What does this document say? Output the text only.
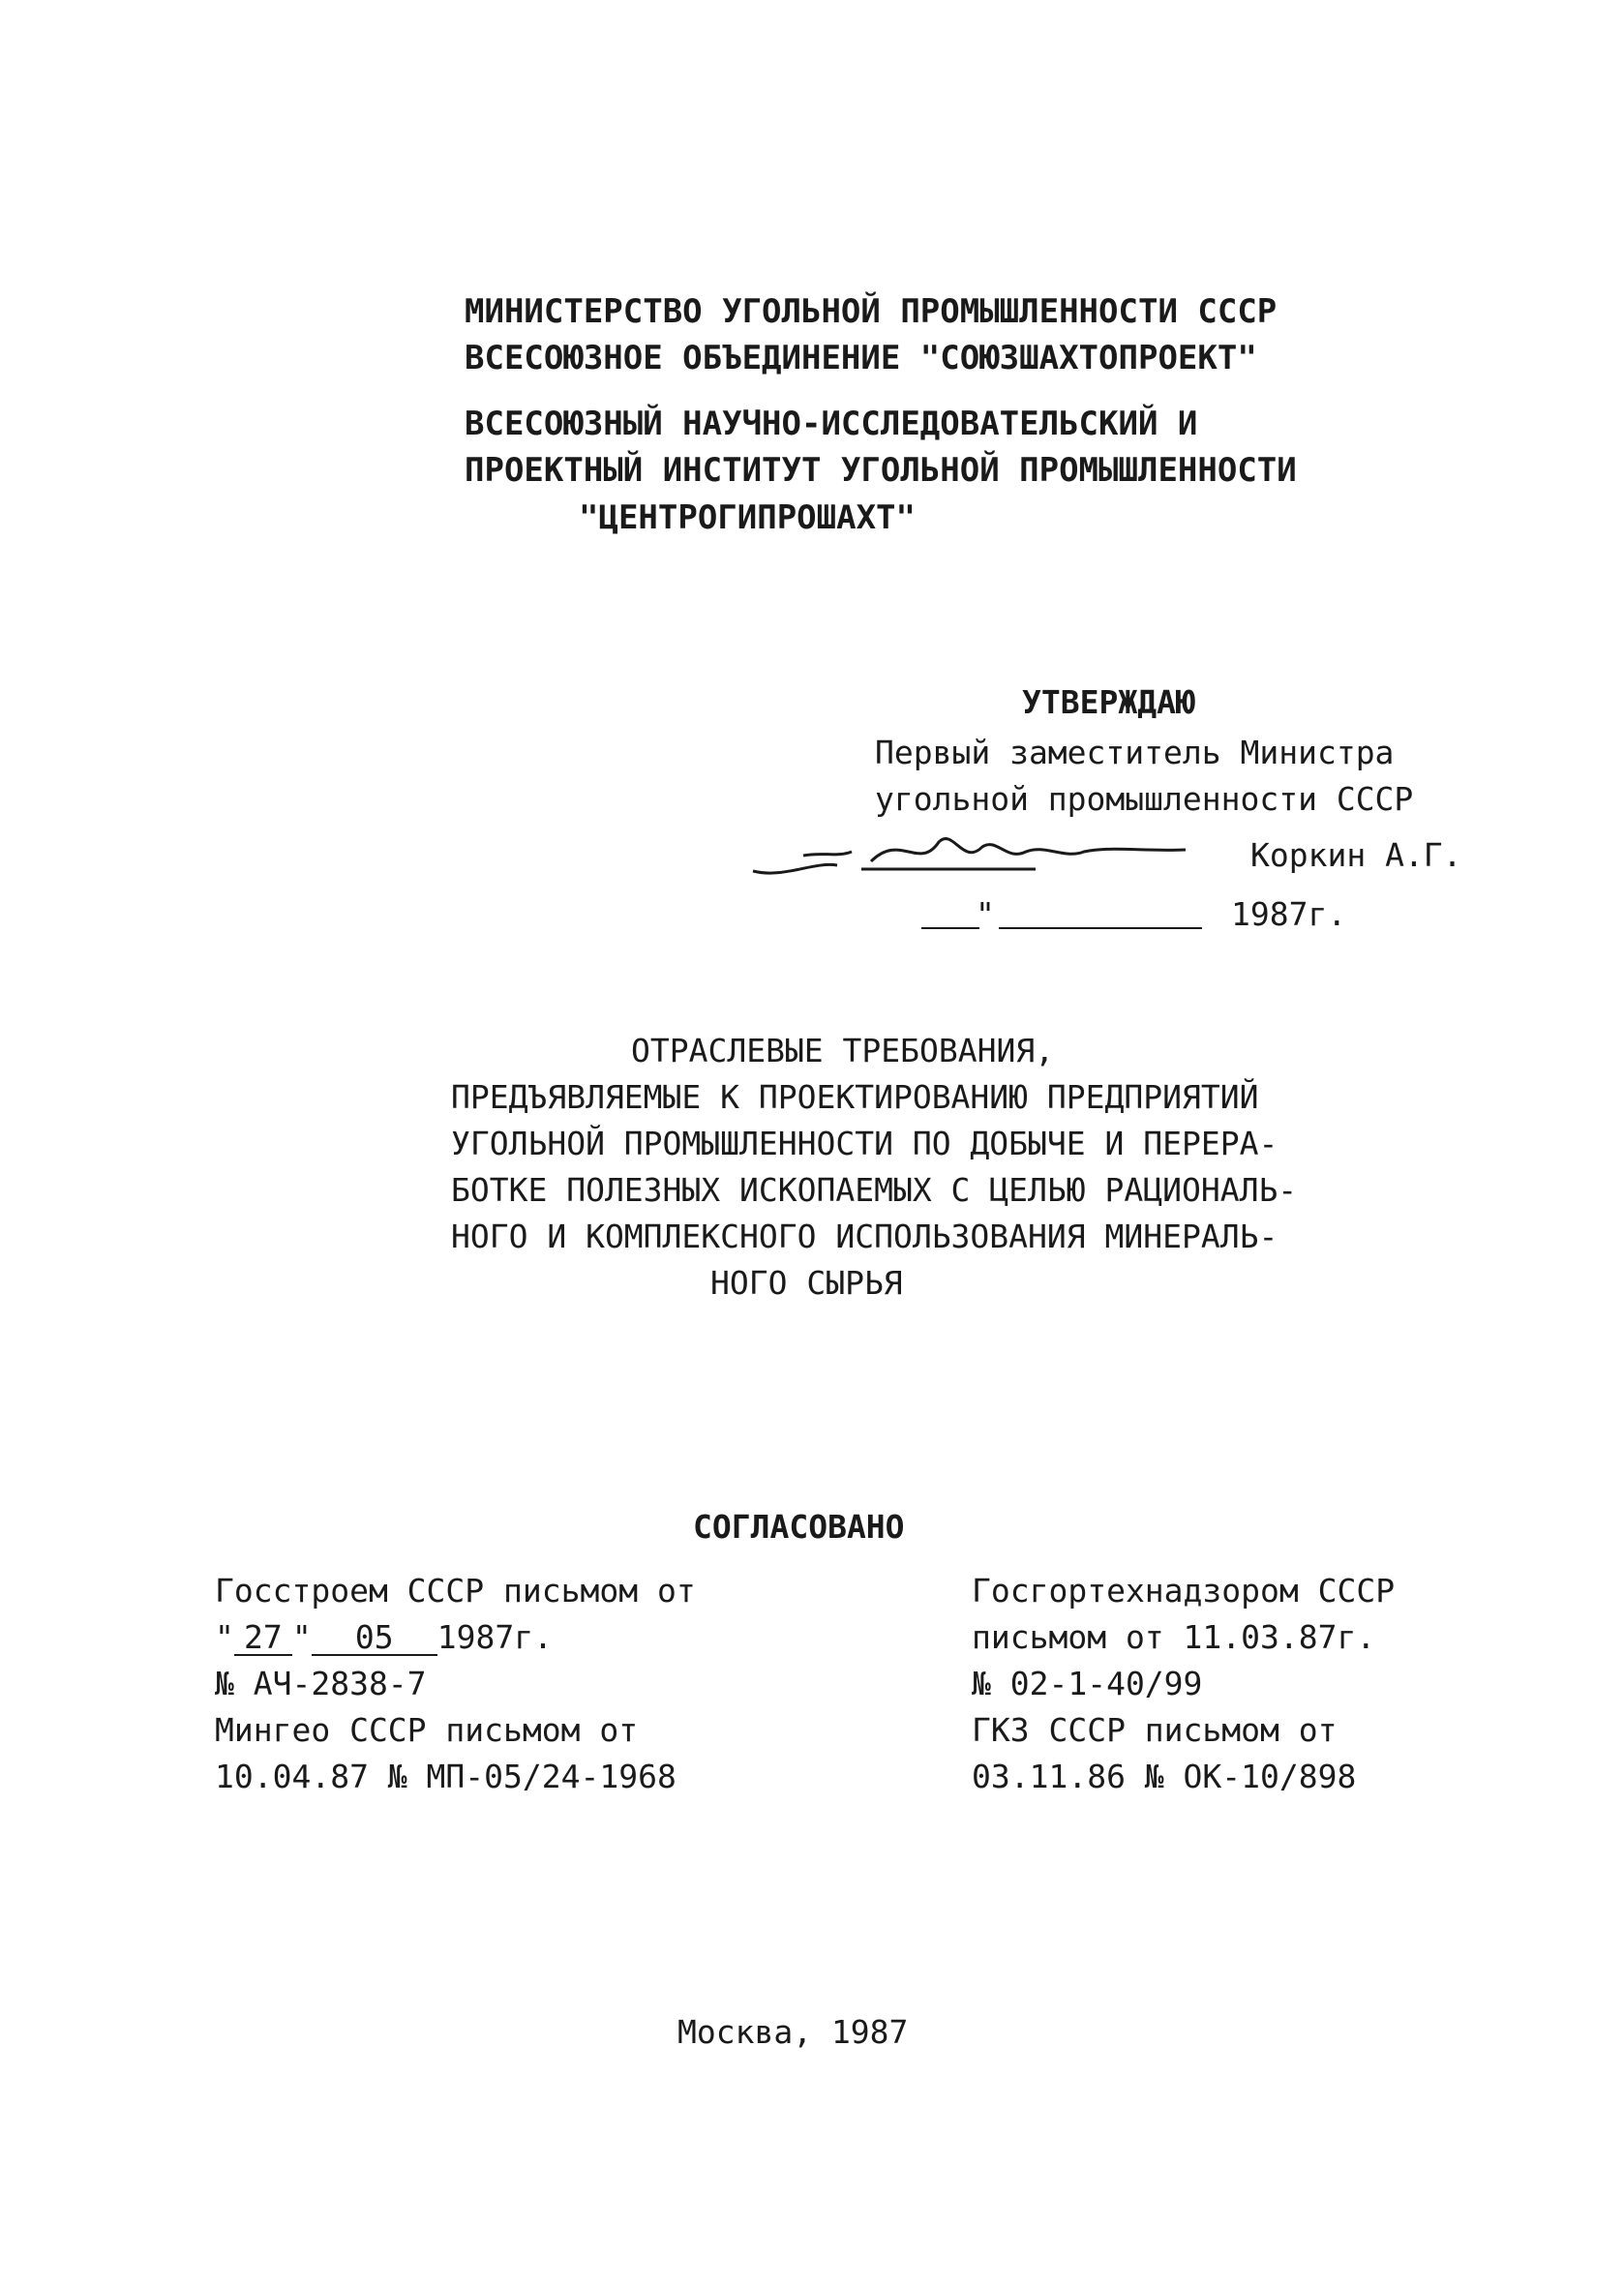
МИНИСТЕРСТВО УГОЛЬНОЙ ПРОМЫШЛЕННОСТИ СССР
ВСЕСОЮЗНОЕ ОБЪЕДИНЕНИЕ "СОЮЗШАХТОПРОЕКТ"
ВСЕСОЮЗНЫЙ НАУЧНО-ИССЛЕДОВАТЕЛЬСКИЙ И
ПРОЕКТНЫЙ ИНСТИТУТ УГОЛЬНОЙ ПРОМЫШЛЕННОСТИ
"ЦЕНТРОГИПРОШАХТ"
УТВЕРЖДАЮ
Первый заместитель Министра
угольной промышленности СССР
Коркин А.Г.
"	1987г.
ОТРАСЛЕВЫЕ ТРЕБОВАНИЯ,
ПРЕДЪЯВЛЯЕМЫЕ К ПРОЕКТИРОВАНИЮ ПРЕДПРИЯТИЙ
УГОЛЬНОЙ ПРОМЫШЛЕННОСТИ ПО ДОБЫЧЕ И ПЕРЕРА-
БОТКЕ ПОЛЕЗНЫХ ИСКОПАЕМЫХ С ЦЕЛЬЮ РАЦИОНАЛЬ-
НОГО И КОМПЛЕКСНОГО ИСПОЛЬЗОВАНИЯ МИНЕРАЛЬ-
НОГО СЫРЬЯ
СОГЛАСОВАНО
Госстроем СССР письмом от
" 27 " 05 1987г.
№ АЧ-2838-7
Мингео СССР письмом от
10.04.87 № МП-05/24-1968
Госгортехнадзором СССР
письмом от 11.03.87г.
№ 02-1-40/99
ГКЗ СССР письмом от
03.11.86 № ОК-10/898
Москва, 1987
